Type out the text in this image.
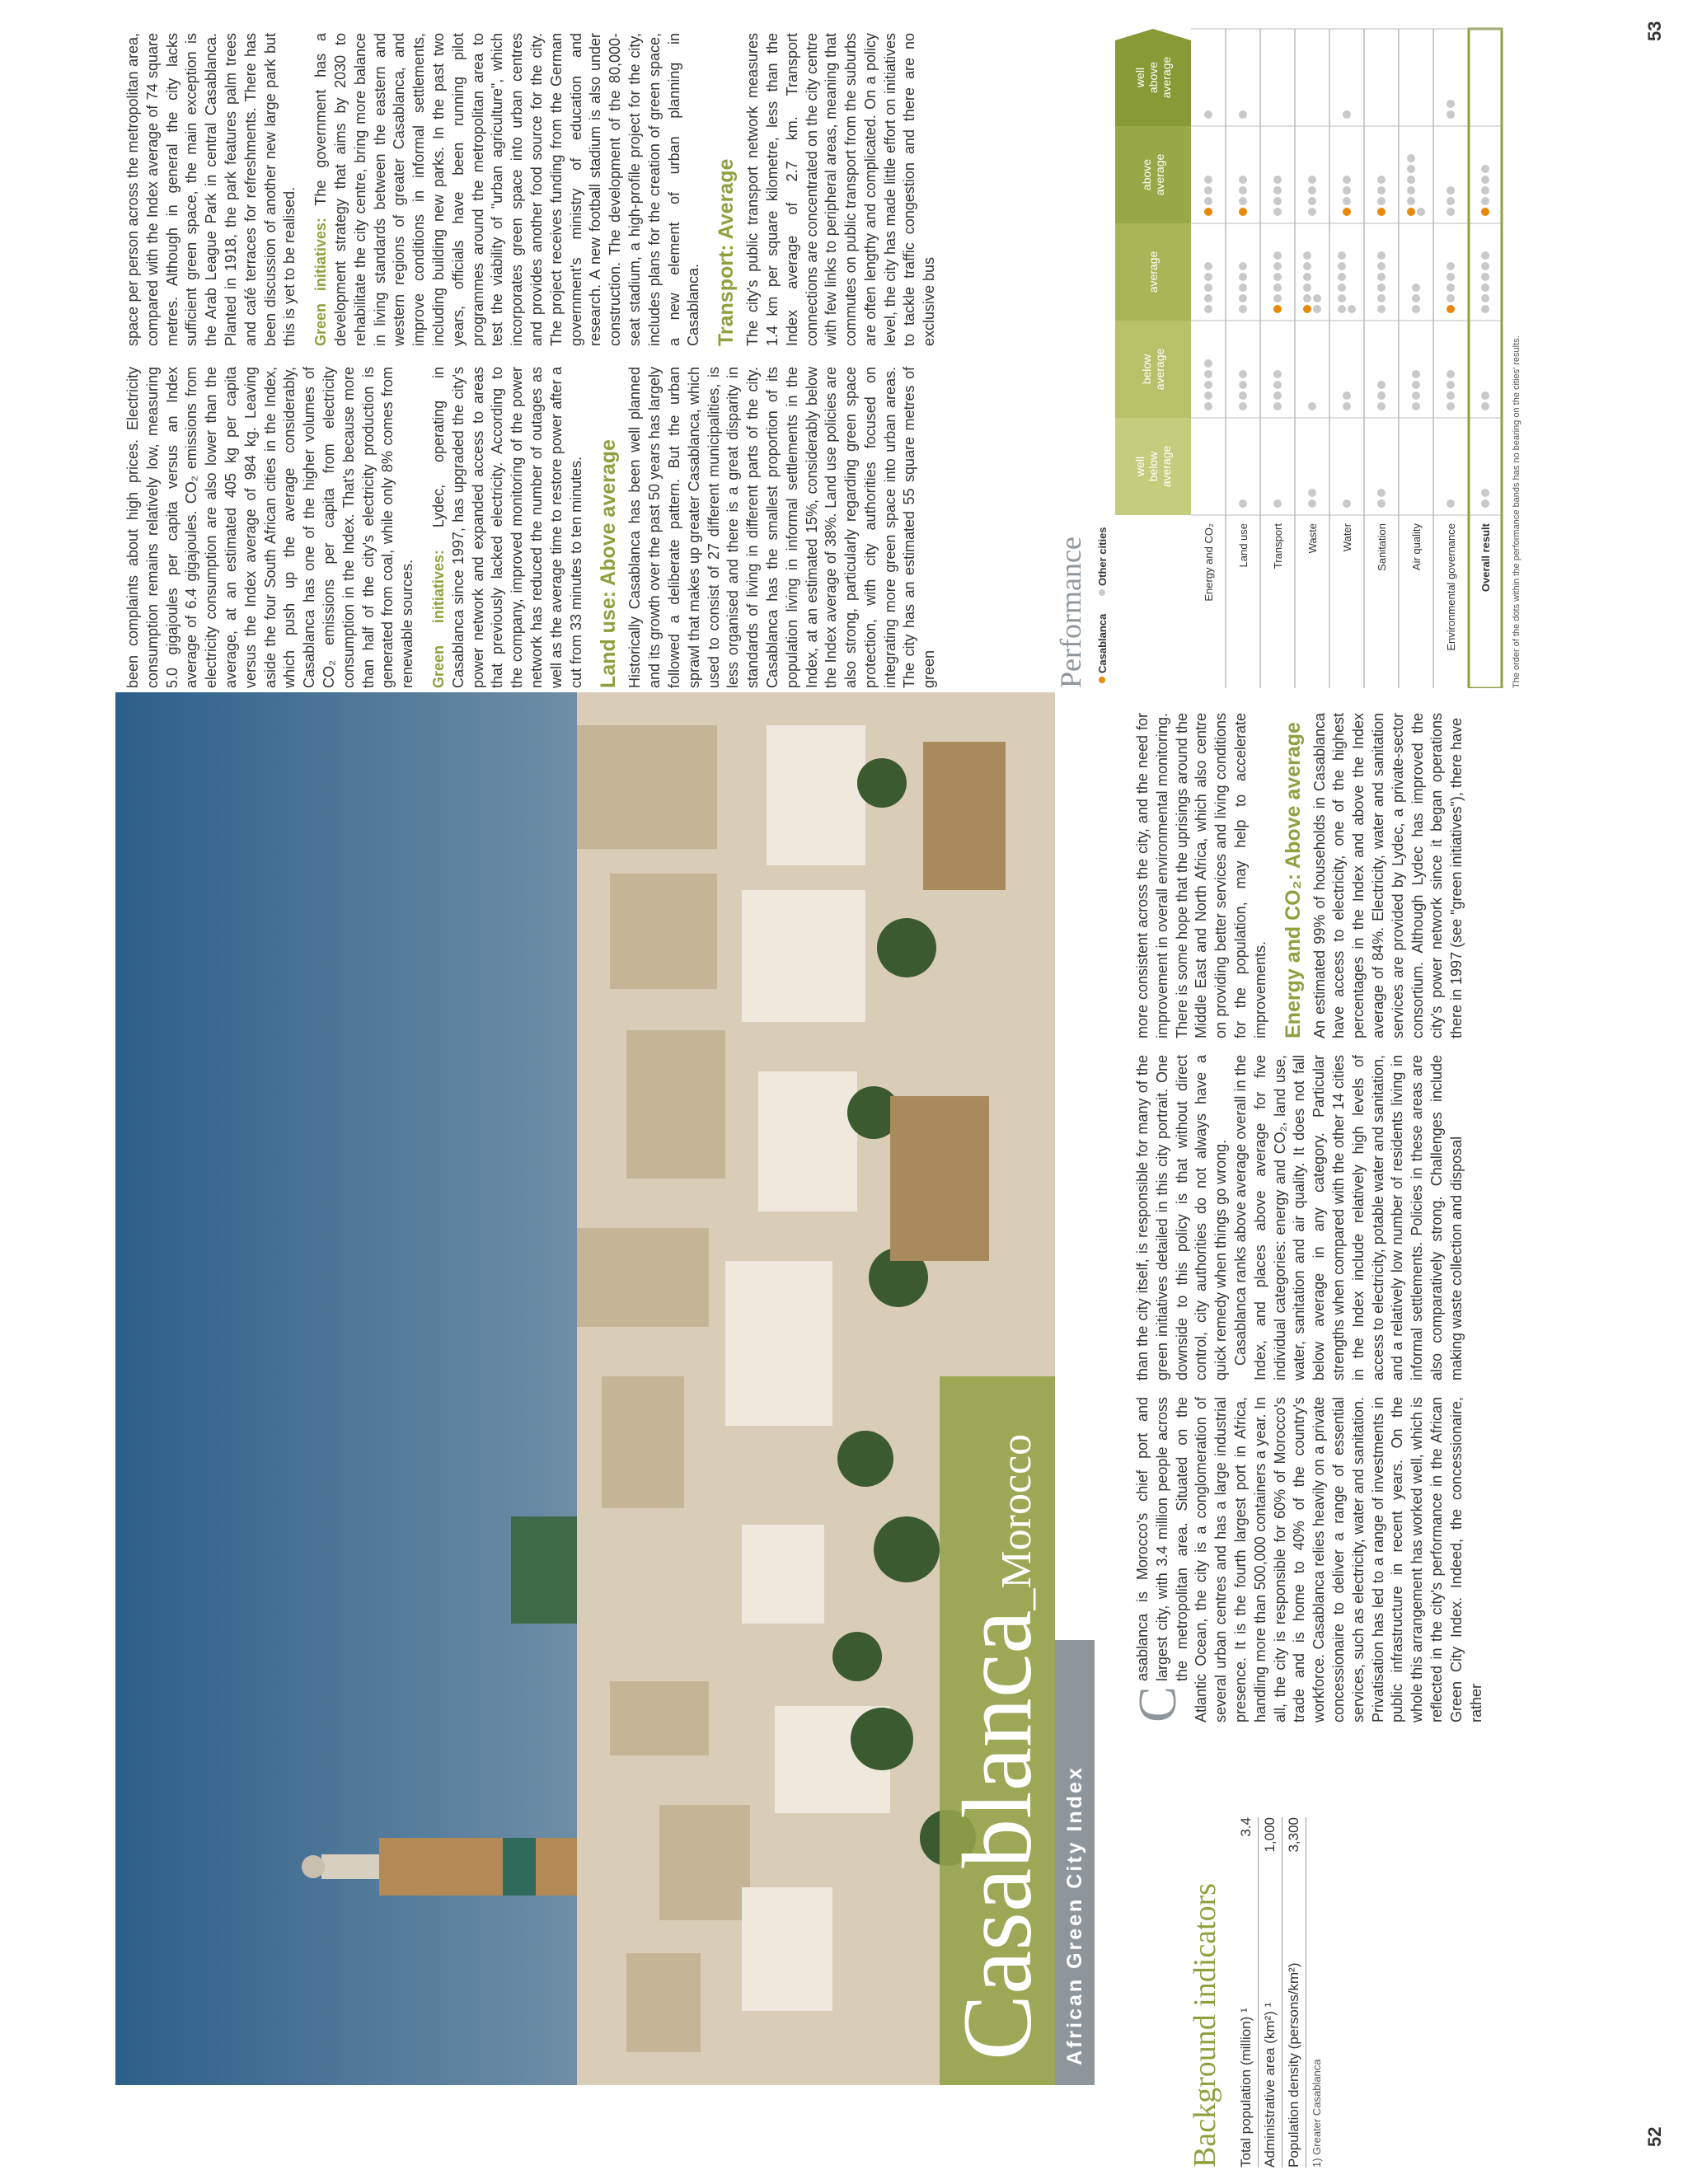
Casablanca_Morocco
African Green City Index
52
53
Background indicators Total population (million) ¹
3.4
Administrative area (km²) ¹
1,000
Population density (persons/km²)
3,300
1) Greater Casablanca

C
asablanca is Morocco's chief port and largest city, with 3.4 million people across the metropolitan area. Situated on the Atlantic Ocean, the city is a conglomeration of several urban centres and has a large industrial presence. It is the fourth largest port in Africa, handling more than 500,000 containers a year. In all, the city is responsible for 60% of Morocco's trade and is home to 40% of the country's workforce. Casablanca relies heavily on a private concessionaire to deliver a range of essential services, such as electricity, water and sanitation. Privatisation has led to a range of investments in public infrastructure in recent years. On the whole this arrangement has worked well, which is reflected in the city's performance in the African Green City Index. Indeed, the concessionaire, rather

than the city itself, is responsible for many of the green initiatives detailed in this city portrait. One downside to this policy is that without direct control, city authorities do not always have a quick remedy when things go wrong. Casablanca ranks above average overall in the Index, and places above average for five individual categories: energy and CO₂, land use, water, sanitation and air quality. It does not fall below average in any category. Particular strengths when compared with the other 14 cities in the Index include relatively high levels of access to electricity, potable water and sanitation, and a relatively low number of residents living in informal settlements. Policies in these areas are also comparatively strong. Challenges include making waste collection and disposal

more consistent across the city, and the need for improvement in overall environmental monitoring. There is some hope that the uprisings around the Middle East and North Africa, which also centre on providing better services and living conditions for the population, may help to accelerate improvements. Energy and CO₂: Above average An estimated 99% of households in Casablanca have access to electricity, one of the highest percentages in the Index and above the Index average of 84%. Electricity, water and sanitation services are provided by Lydec, a private-sector consortium. Although Lydec has improved the city's power network since it began operations there in 1997 (see "green initiatives"), there have

been complaints about high prices. Electricity consumption remains relatively low, measuring 5.0 gigajoules per capita versus an Index average of 6.4 gigajoules. CO₂ emissions from electricity consumption are also lower than the average, at an estimated 405 kg per capita versus the Index average of 984 kg. Leaving aside the four South African cities in the Index, which push up the average considerably, Casablanca has one of the higher volumes of CO₂ emissions per capita from electricity consumption in the Index. That's because more than half of the city's electricity production is generated from coal, while only 8% comes from renewable sources. Green initiatives: Lydec, operating in Casablanca since 1997, has upgraded the city's power network and expanded access to areas that previously lacked electricity. According to the company, improved monitoring of the power network has reduced the number of outages as well as the average time to restore power after a cut from 33 minutes to ten minutes. Land use: Above average Historically Casablanca has been well planned and its growth over the past 50 years has largely followed a deliberate pattern. But the urban sprawl that makes up greater Casablanca, which used to consist of 27 different municipalities, is less organised and there is a great disparity in standards of living in different parts of the city. Casablanca has the smallest proportion of its population living in informal settlements in the Index, at an estimated 15%, considerably below the Index average of 38%. Land use policies are also strong, particularly regarding green space protection, with city authorities focused on integrating more green space into urban areas. The city has an estimated 55 square metres of green

space per person across the metropolitan area, compared with the Index average of 74 square metres. Although in general the city lacks sufficient green space, the main exception is the Arab League Park in central Casablanca. Planted in 1918, the park features palm trees and café terraces for refreshments. There has been discussion of another new large park but this is yet to be realised. Green initiatives: The government has a development strategy that aims by 2030 to rehabilitate the city centre, bring more balance in living standards between the eastern and western regions of greater Casablanca, and improve conditions in informal settlements, including building new parks. In the past two years, officials have been running pilot programmes around the metropolitan area to test the viability of "urban agriculture", which incorporates green space into urban centres and provides another food source for the city. The project receives funding from the German government's ministry of education and research. A new football stadium is also under construction. The development of the 80,000-seat stadium, a high-profile project for the city, includes plans for the creation of green space, a new element of urban planning in Casablanca. Transport: Average The city's public transport network measures 1.4 km per square kilometre, less than the Index average of 2.7 km. Transport connections are concentrated on the city centre with few links to peripheral areas, meaning that commutes on public transport from the suburbs are often lengthy and complicated. On a policy level, the city has made little effort on initiatives to tackle traffic congestion and there are no exclusive bus

Performance Casablanca
Other cities
well below average
below average
average
above average
well above average
Energy and CO₂ Land use Transport Waste Water Sanitation Air quality Environmental governance Overall result The order of the dots within the performance bands has no bearing on the cities' results.
